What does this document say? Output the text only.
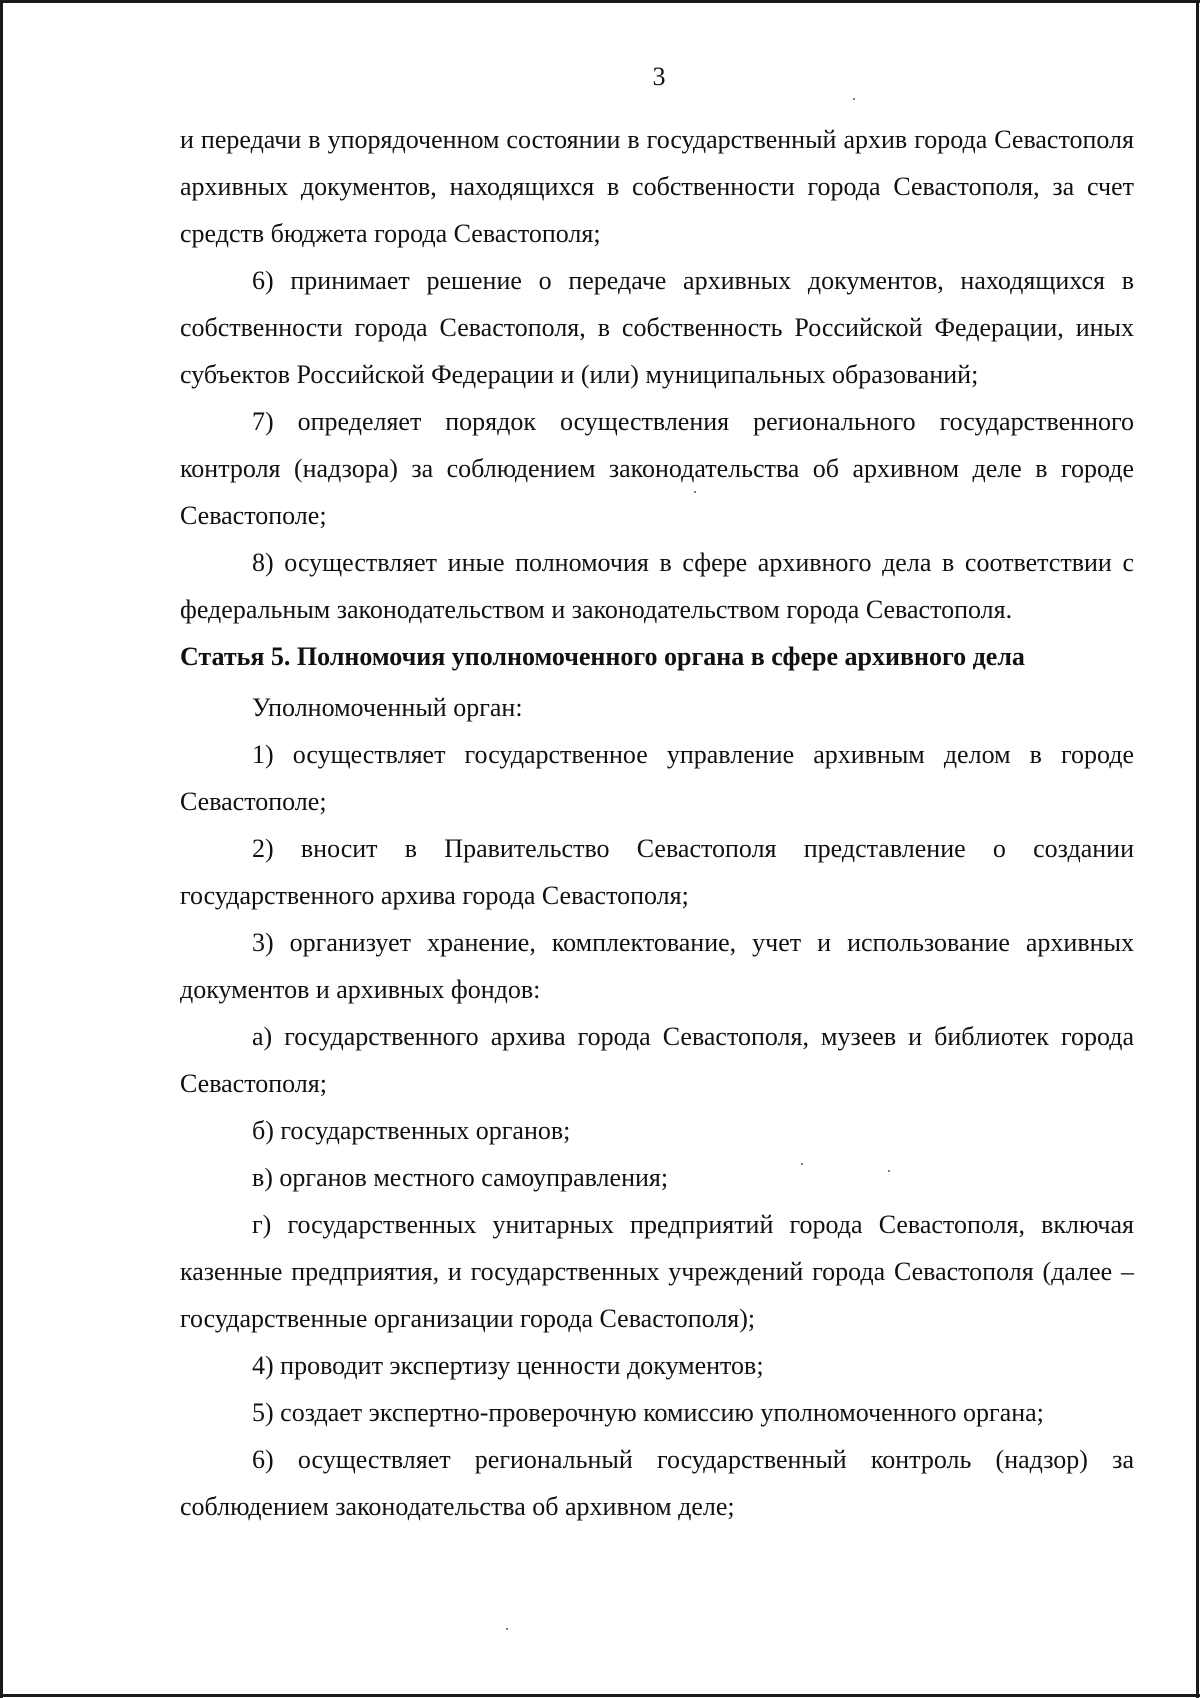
3

и передачи в упорядоченном состоянии в государственный архив города Севастополя архивных документов, находящихся в собственности города Севастополя, за счет средств бюджета города Севастополя;

6) принимает решение о передаче архивных документов, находящихся в собственности города Севастополя, в собственность Российской Федерации, иных субъектов Российской Федерации и (или) муниципальных образований;

7) определяет порядок осуществления регионального государственного контроля (надзора) за соблюдением законодательства об архивном деле в городе Севастополе;

8) осуществляет иные полномочия в сфере архивного дела в соответствии с федеральным законодательством и законодательством города Севастополя.

Статья 5. Полномочия уполномоченного органа в сфере архивного дела

Уполномоченный орган:

1) осуществляет государственное управление архивным делом в городе Севастополе;

2) вносит в Правительство Севастополя представление о создании государственного архива города Севастополя;

3) организует хранение, комплектование, учет и использование архивных документов и архивных фондов:

а) государственного архива города Севастополя, музеев и библиотек города Севастополя;

б) государственных органов;

в) органов местного самоуправления;

г) государственных унитарных предприятий города Севастополя, включая казенные предприятия, и государственных учреждений города Севастополя (далее – государственные организации города Севастополя);

4) проводит экспертизу ценности документов;

5) создает экспертно-проверочную комиссию уполномоченного органа;

6) осуществляет региональный государственный контроль (надзор) за соблюдением законодательства об архивном деле;
